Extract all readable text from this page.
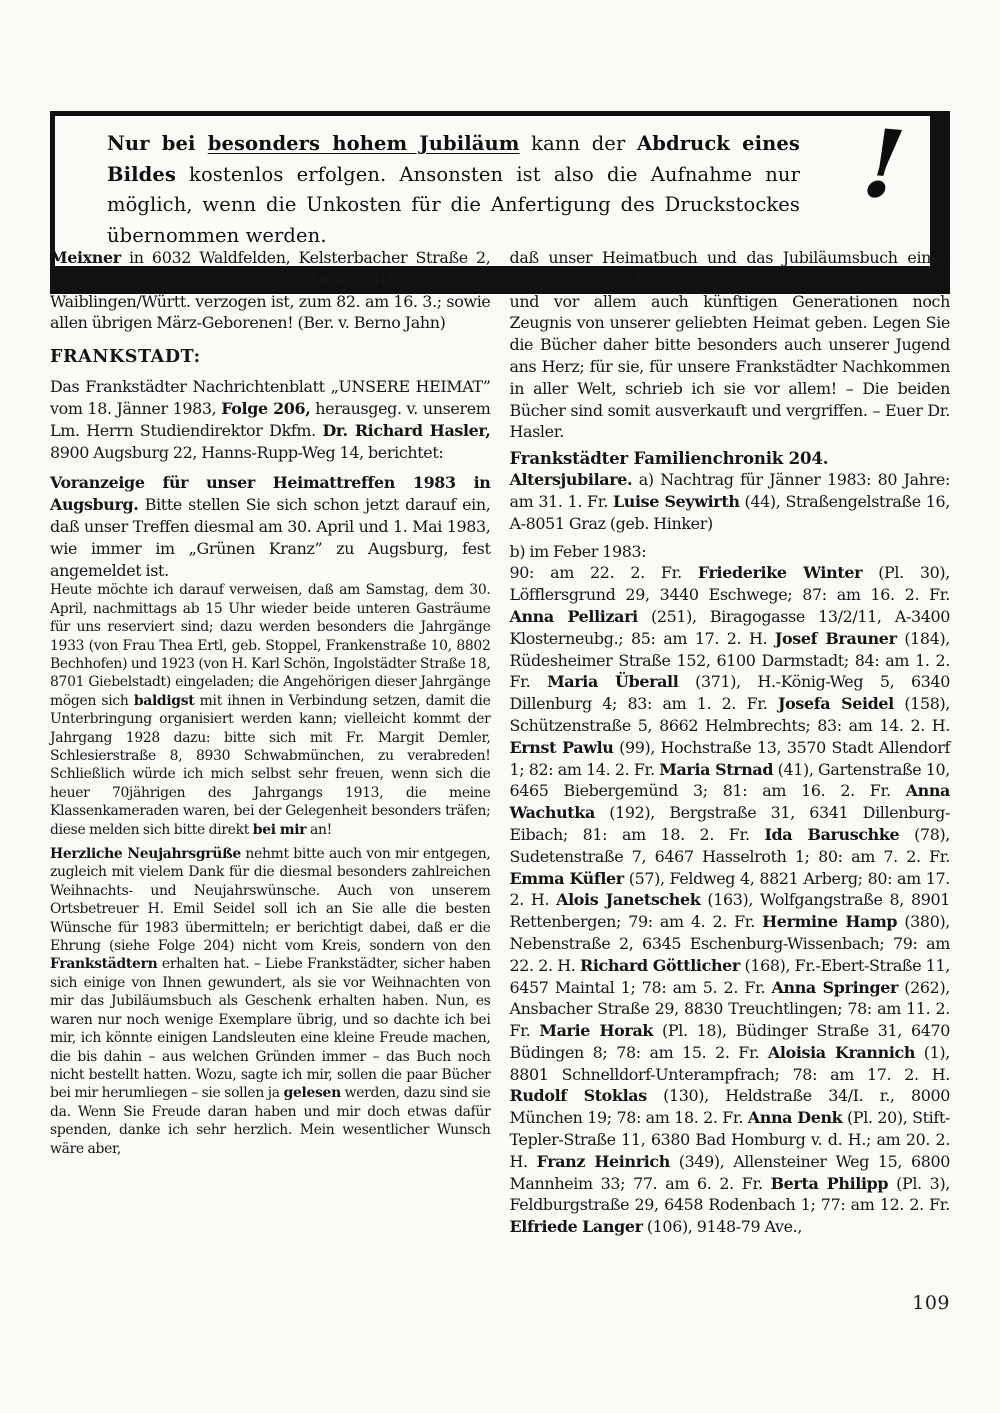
Nur bei besonders hohem Jubiläum kann der Abdruck eines Bildes kostenlos erfolgen. Ansonsten ist also die Aufnahme nur möglich, wenn die Unkosten für die Anfertigung des Druckstockes übernommen werden.
!

Meixner in 6032 Waldfelden, Kelsterbacher Straße 2, zum 85. am 23. 3.; Frau Anna Brix, die von Waiblingen/Württ. verzogen ist, zum 82. am 16. 3.; sowie allen übrigen März-Geborenen! (Ber. v. Berno Jahn)

FRANKSTADT:

Das Frankstädter Nachrichtenblatt „UNSERE HEIMAT” vom 18. Jänner 1983, Folge 206, herausgeg. v. unserem Lm. Herrn Studiendirektor Dkfm. Dr. Richard Hasler, 8900 Augsburg 22, Hanns-Rupp-Weg 14, berichtet:

Voranzeige für unser Heimattreffen 1983 in Augsburg. Bitte stellen Sie sich schon jetzt darauf ein, daß unser Treffen diesmal am 30. April und 1. Mai 1983, wie immer im „Grünen Kranz” zu Augsburg, fest angemeldet ist.

Heute möchte ich darauf verweisen, daß am Samstag, dem 30. April, nachmittags ab 15 Uhr wieder beide unteren Gasträume für uns reserviert sind; dazu werden besonders die Jahrgänge 1933 (von Frau Thea Ertl, geb. Stoppel, Frankenstraße 10, 8802 Bechhofen) und 1923 (von H. Karl Schön, Ingolstädter Straße 18, 8701 Giebelstadt) eingeladen; die Angehörigen dieser Jahrgänge mögen sich baldigst mit ihnen in Verbindung setzen, damit die Unterbringung organisiert werden kann; vielleicht kommt der Jahrgang 1928 dazu: bitte sich mit Fr. Margit Demler, Schlesierstraße 8, 8930 Schwabmünchen, zu verabreden! Schließlich würde ich mich selbst sehr freuen, wenn sich die heuer 70jährigen des Jahrgangs 1913, die meine Klassenkameraden waren, bei der Gelegenheit besonders träfen; diese melden sich bitte direkt bei mir an!

Herzliche Neujahrsgrüße nehmt bitte auch von mir entgegen, zugleich mit vielem Dank für die diesmal besonders zahlreichen Weihnachts- und Neujahrswünsche. Auch von unserem Ortsbetreuer H. Emil Seidel soll ich an Sie alle die besten Wünsche für 1983 übermitteln; er berichtigt dabei, daß er die Ehrung (siehe Folge 204) nicht vom Kreis, sondern von den Frankstädtern erhalten hat. – Liebe Frankstädter, sicher haben sich einige von Ihnen gewundert, als sie vor Weihnachten von mir das Jubiläumsbuch als Geschenk erhalten haben. Nun, es waren nur noch wenige Exemplare übrig, und so dachte ich bei mir, ich könnte einigen Landsleuten eine kleine Freude machen, die bis dahin – aus welchen Gründen immer – das Buch noch nicht bestellt hatten. Wozu, sagte ich mir, sollen die paar Bücher bei mir herumliegen – sie sollen ja gelesen werden, dazu sind sie da. Wenn Sie Freude daran haben und mir doch etwas dafür spenden, danke ich sehr herzlich. Mein wesentlicher Wunsch wäre aber,

daß unser Heimatbuch und das Jubiläumsbuch einen guten Platz in Ihrem Bücherschrank gefunden haben und vor allem auch künftigen Generationen noch Zeugnis von unserer geliebten Heimat geben. Legen Sie die Bücher daher bitte besonders auch unserer Jugend ans Herz; für sie, für unsere Frankstädter Nachkommen in aller Welt, schrieb ich sie vor allem! – Die beiden Bücher sind somit ausverkauft und vergriffen. – Euer Dr. Hasler.

Frankstädter Familienchronik 204.

Altersjubilare. a) Nachtrag für Jänner 1983: 80 Jahre: am 31. 1. Fr. Luise Seywirth (44), Straßengelstraße 16, A-8051 Graz (geb. Hinker)

b) im Feber 1983:

90: am 22. 2. Fr. Friederike Winter (Pl. 30), Löfflersgrund 29, 3440 Eschwege; 87: am 16. 2. Fr. Anna Pellizari (251), Biragogasse 13/2/11, A-3400 Klosterneubg.; 85: am 17. 2. H. Josef Brauner (184), Rüdesheimer Straße 152, 6100 Darmstadt; 84: am 1. 2. Fr. Maria Überall (371), H.-König-Weg 5, 6340 Dillenburg 4; 83: am 1. 2. Fr. Josefa Seidel (158), Schützenstraße 5, 8662 Helmbrechts; 83: am 14. 2. H. Ernst Pawlu (99), Hochstraße 13, 3570 Stadt Allendorf 1; 82: am 14. 2. Fr. Maria Strnad (41), Gartenstraße 10, 6465 Biebergemünd 3; 81: am 16. 2. Fr. Anna Wachutka (192), Bergstraße 31, 6341 Dillenburg-Eibach; 81: am 18. 2. Fr. Ida Baruschke (78), Sudetenstraße 7, 6467 Hasselroth 1; 80: am 7. 2. Fr. Emma Küfler (57), Feldweg 4, 8821 Arberg; 80: am 17. 2. H. Alois Janetschek (163), Wolfgangstraße 8, 8901 Rettenbergen; 79: am 4. 2. Fr. Hermine Hamp (380), Nebenstraße 2, 6345 Eschenburg-Wissenbach; 79: am 22. 2. H. Richard Göttlicher (168), Fr.-Ebert-Straße 11, 6457 Maintal 1; 78: am 5. 2. Fr. Anna Springer (262), Ansbacher Straße 29, 8830 Treuchtlingen; 78: am 11. 2. Fr. Marie Horak (Pl. 18), Büdinger Straße 31, 6470 Büdingen 8; 78: am 15. 2. Fr. Aloisia Krannich (1), 8801 Schnelldorf-Unterampfrach; 78: am 17. 2. H. Rudolf Stoklas (130), Heldstraße 34/I. r., 8000 München 19; 78: am 18. 2. Fr. Anna Denk (Pl. 20), Stift-Tepler-Straße 11, 6380 Bad Homburg v. d. H.; am 20. 2. H. Franz Heinrich (349), Allensteiner Weg 15, 6800 Mannheim 33; 77. am 6. 2. Fr. Berta Philipp (Pl. 3), Feldburgstraße 29, 6458 Rodenbach 1; 77: am 12. 2. Fr. Elfriede Langer (106), 9148-79 Ave.,

109
